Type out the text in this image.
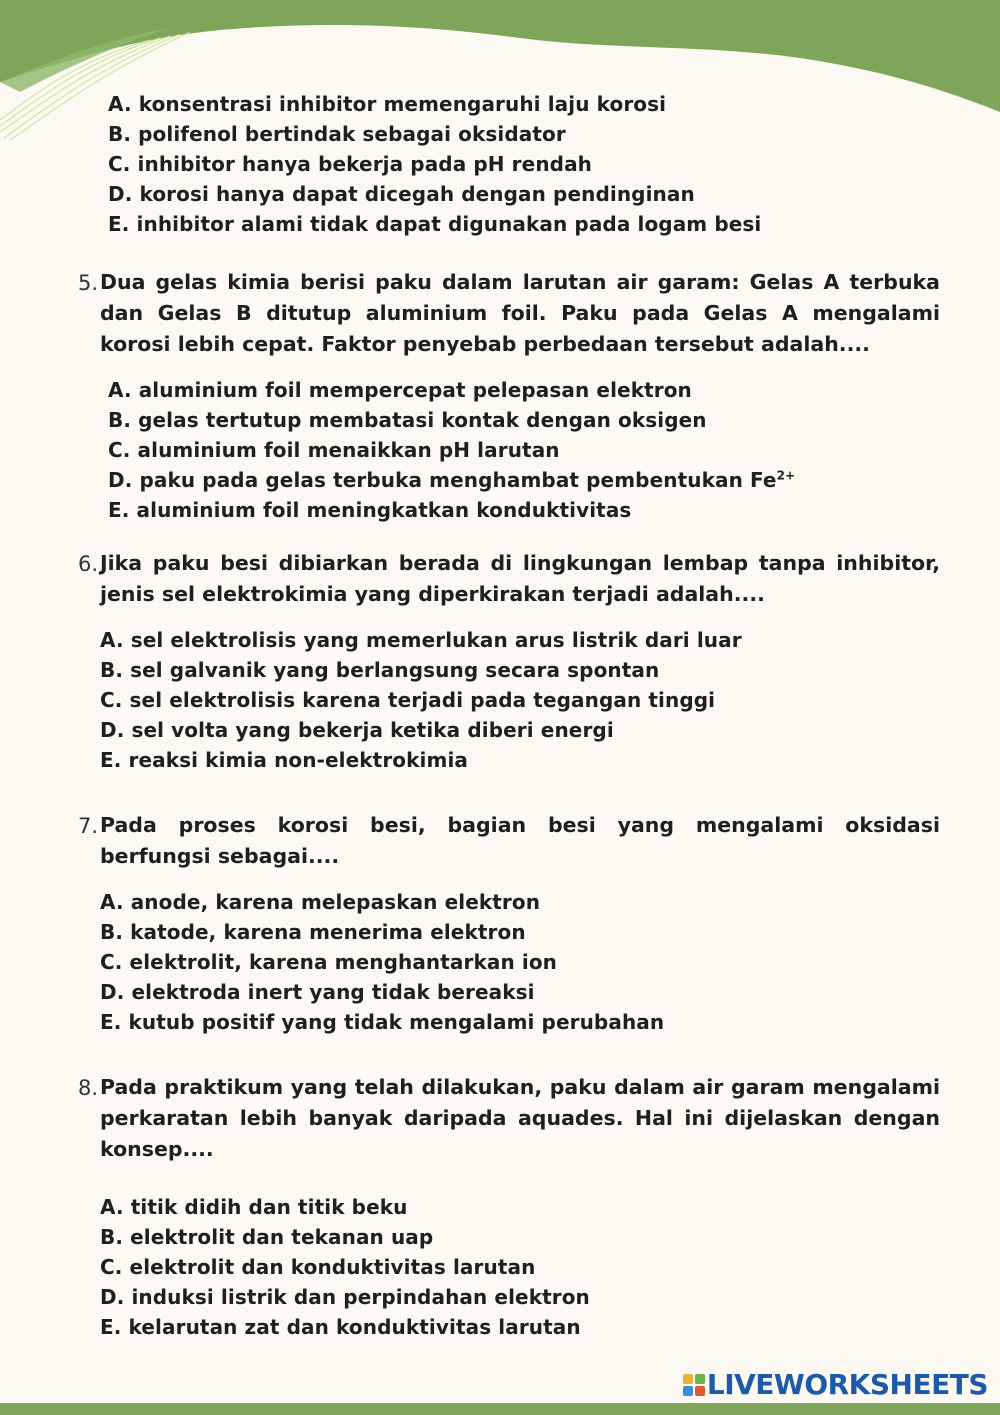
A. konsentrasi inhibitor memengaruhi laju korosi
B. polifenol bertindak sebagai oksidator
C. inhibitor hanya bekerja pada pH rendah
D. korosi hanya dapat dicegah dengan pendinginan
E. inhibitor alami tidak dapat digunakan pada logam besi
5. Dua gelas kimia berisi paku dalam larutan air garam: Gelas A terbuka dan Gelas B ditutup aluminium foil. Paku pada Gelas A mengalami korosi lebih cepat. Faktor penyebab perbedaan tersebut adalah....
A. aluminium foil mempercepat pelepasan elektron
B. gelas tertutup membatasi kontak dengan oksigen
C. aluminium foil menaikkan pH larutan
D. paku pada gelas terbuka menghambat pembentukan $Fe^{2+}$
E. aluminium foil meningkatkan konduktivitas
6. Jika paku besi dibiarkan berada di lingkungan lembap tanpa inhibitor, jenis sel elektrokimia yang diperkirakan terjadi adalah....
A. sel elektrolisis yang memerlukan arus listrik dari luar
B. sel galvanik yang berlangsung secara spontan
C. sel elektrolisis karena terjadi pada tegangan tinggi
D. sel volta yang bekerja ketika diberi energi
E. reaksi kimia non-elektrokimia
7. Pada proses korosi besi, bagian besi yang mengalami oksidasi berfungsi sebagai.... Alat & Bahan
A. anode, karena melepaskan elektron
B. katode, karena menerima elektron
C. elektrolit, karena menghantarkan ion
D. elektroda inert yang tidak bereaksi
E. kutub positif yang tidak mengalami perubahan
8. Pada praktikum yang telah dilakukan, paku dalam air garam mengalami perkaratan lebih banyak daripada aquades. Hal ini dijelaskan dengan konsep....
A. titik didih dan titik beku
B. elektrolit dan tekanan uap
C. elektrolit dan konduktivitas larutan
D. induksi listrik dan perpindahan elektron
E. kelarutan zat dan konduktivitas larutan
LIVEWORKSHEETS
